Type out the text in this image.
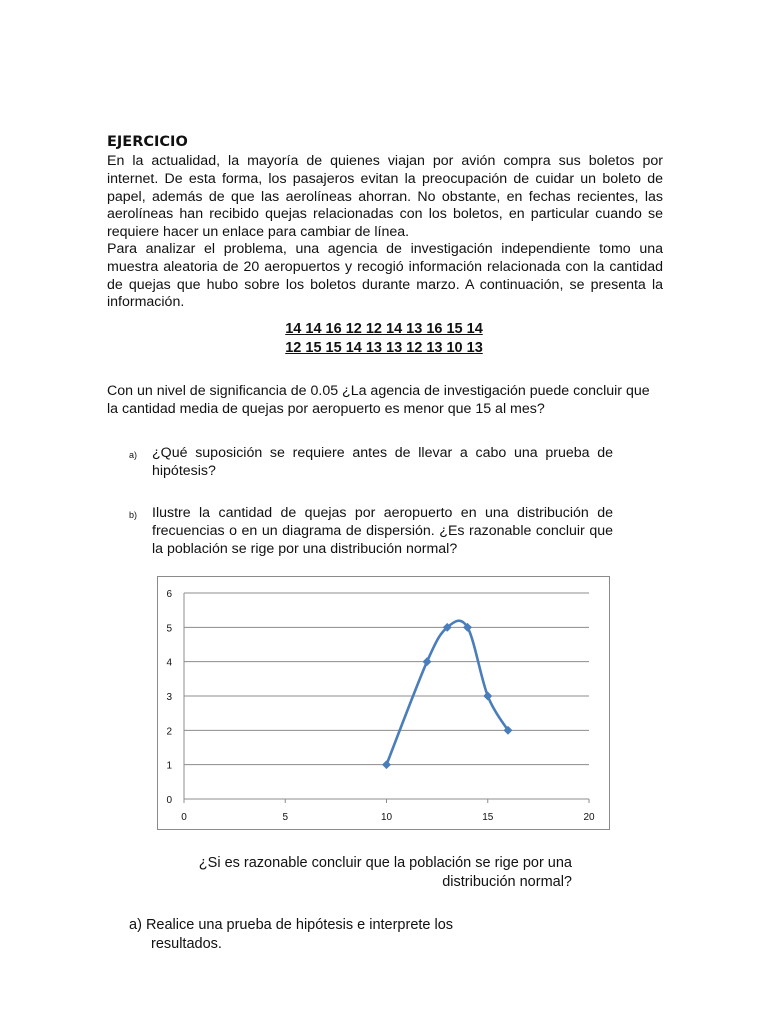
EJERCICIO

En la actualidad, la mayoría de quienes viajan por avión compra sus boletos por internet. De esta forma, los pasajeros evitan la preocupación de cuidar un boleto de papel, además de que las aerolíneas ahorran. No obstante, en fechas recientes, las aerolíneas han recibido quejas relacionadas con los boletos, en particular cuando se requiere hacer un enlace para cambiar de línea.

Para analizar el problema, una agencia de investigación independiente tomo una muestra aleatoria de 20 aeropuertos y recogió información relacionada con la cantidad de quejas que hubo sobre los boletos durante marzo. A continuación, se presenta la información.

14 14 16 12 12 14 13 16 15 14
12 15 15 14 13 13 12 13 10 13

Con un nivel de significancia de 0.05 ¿La agencia de investigación puede concluir que la cantidad media de quejas por aeropuerto es menor que 15 al mes?

a) ¿Qué suposición se requiere antes de llevar a cabo una prueba de hipótesis?
b) Ilustre la cantidad de quejas por aeropuerto en una distribución de frecuencias o en un diagrama de dispersión. ¿Es razonable concluir que la población se rige por una distribución normal?
0
1
2
3
4
5
6
0	5	10	15	20
¿Si es razonable concluir que la población se rige por una
distribución normal?
a) Realice una prueba de hipótesis e interprete los
resultados.
